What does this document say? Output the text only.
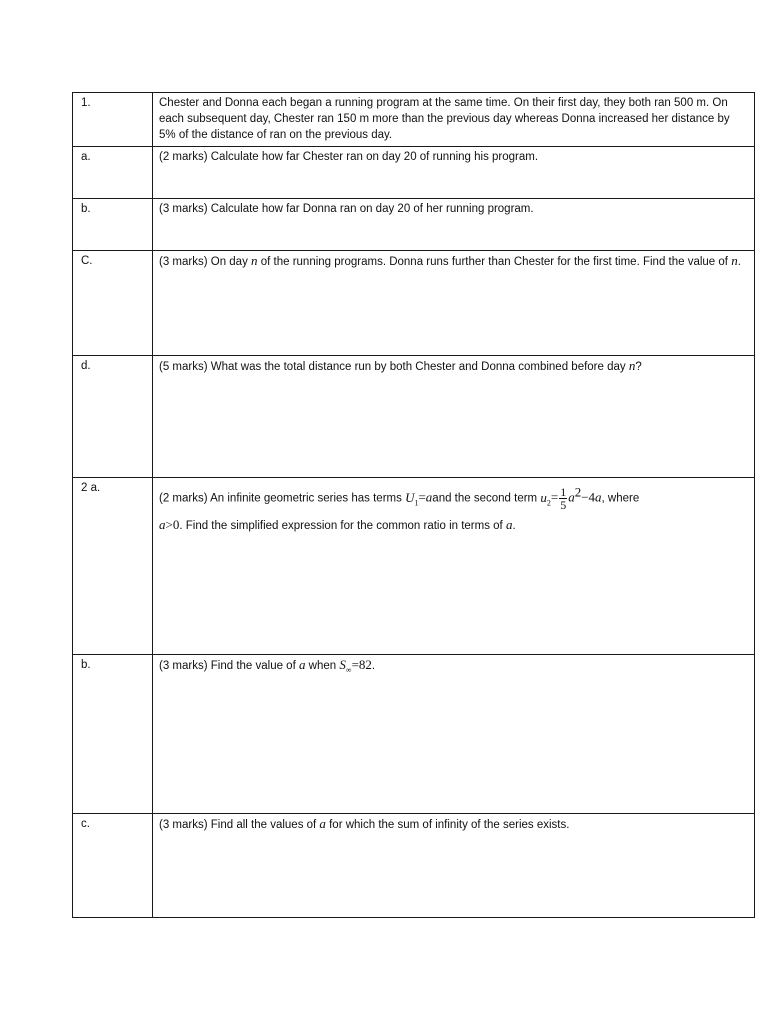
1.	Chester and Donna each began a running program at the same time. On their first day, they both ran 500 m. On each subsequent day, Chester ran 150 m more than the previous day whereas Donna increased her distance by 5% of the distance of ran on the previous day.
a.	(2 marks) Calculate how far Chester ran on day 20 of running his program.
b.	(3 marks) Calculate how far Donna ran on day 20 of her running program.
C.	(3 marks) On day n of the running programs. Donna runs further than Chester for the first time. Find the value of n.
d.	(5 marks) What was the total distance run by both Chester and Donna combined before day n?
2 a.	(2 marks) An infinite geometric series has terms $U_1=aand$ the second term $u_2= \frac{1}{5} a^2-4a$, where
a>0. Find the simplified expression for the common ratio in terms of a.

b.	(3 marks) Find the value of a when $S_\infty=82$.
c.	(3 marks) Find all the values of a for which the sum of infinity of the series exists.
